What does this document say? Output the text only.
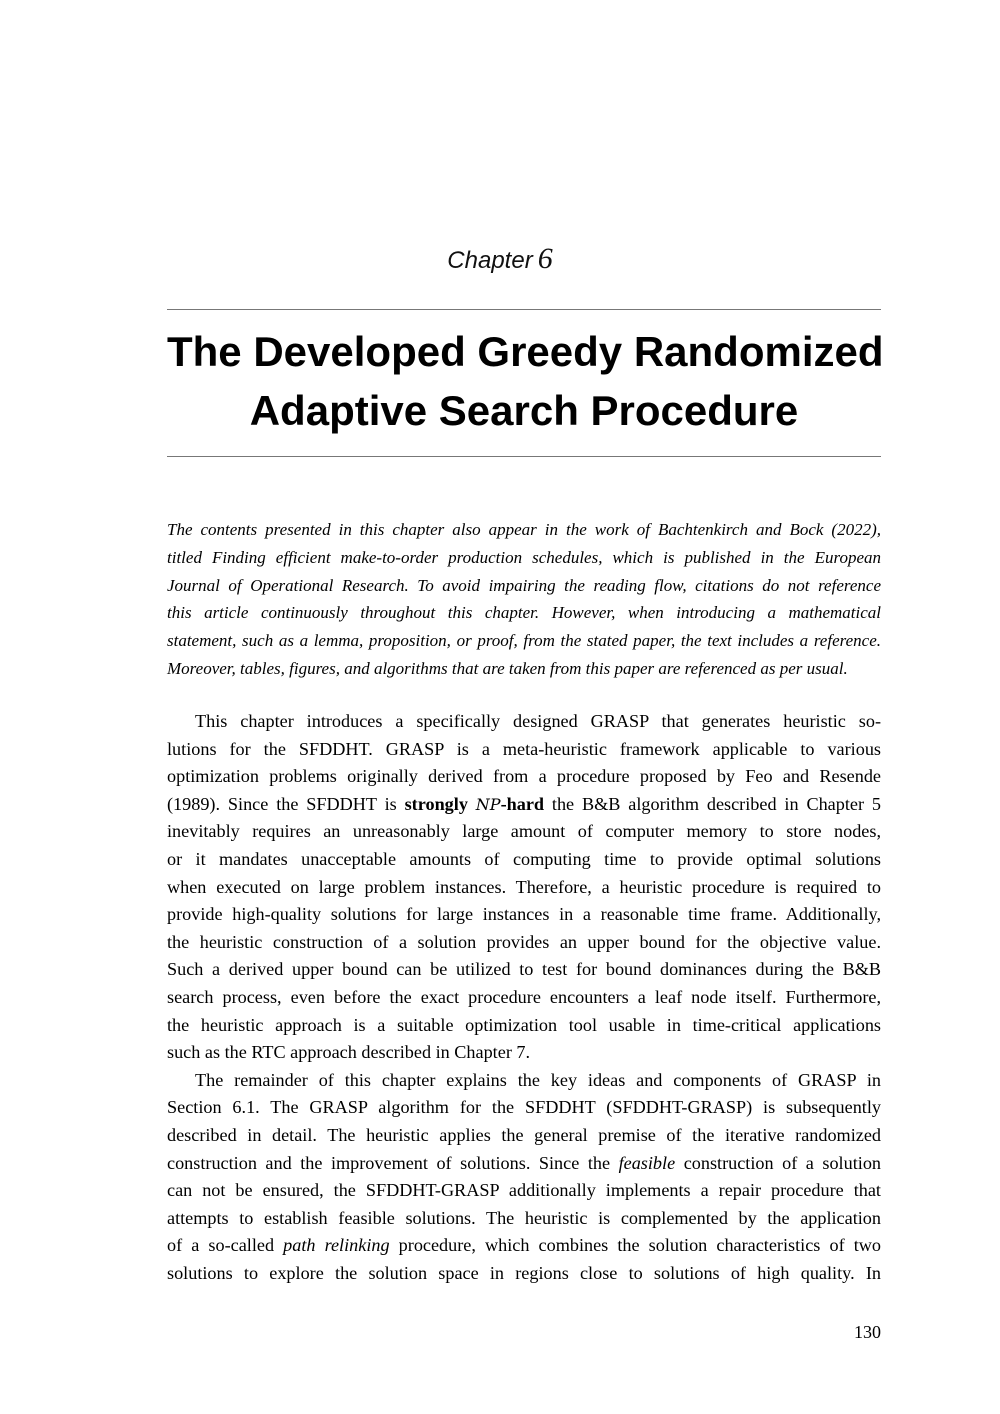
Chapter 6
The Developed Greedy Randomized
Adaptive Search Procedure
The contents presented in this chapter also appear in the work of Bachtenkirch and Bock (2022),
titled Finding efficient make-to-order production schedules, which is published in the European
Journal of Operational Research. To avoid impairing the reading flow, citations do not reference
this article continuously throughout this chapter. However, when introducing a mathematical
statement, such as a lemma, proposition, or proof, from the stated paper, the text includes a reference.
Moreover, tables, figures, and algorithms that are taken from this paper are referenced as per usual.
This chapter introduces a specifically designed GRASP that generates heuristic so-
lutions for the SFDDHT. GRASP is a meta-heuristic framework applicable to various
optimization problems originally derived from a procedure proposed by Feo and Resende
(1989). Since the SFDDHT is strongly NP-hard the B&B algorithm described in Chapter 5
inevitably requires an unreasonably large amount of computer memory to store nodes,
or it mandates unacceptable amounts of computing time to provide optimal solutions
when executed on large problem instances. Therefore, a heuristic procedure is required to
provide high-quality solutions for large instances in a reasonable time frame. Additionally,
the heuristic construction of a solution provides an upper bound for the objective value.
Such a derived upper bound can be utilized to test for bound dominances during the B&B
search process, even before the exact procedure encounters a leaf node itself. Furthermore,
the heuristic approach is a suitable optimization tool usable in time-critical applications
such as the RTC approach described in Chapter 7.
The remainder of this chapter explains the key ideas and components of GRASP in
Section 6.1. The GRASP algorithm for the SFDDHT (SFDDHT-GRASP) is subsequently
described in detail. The heuristic applies the general premise of the iterative randomized
construction and the improvement of solutions. Since the feasible construction of a solution
can not be ensured, the SFDDHT-GRASP additionally implements a repair procedure that
attempts to establish feasible solutions. The heuristic is complemented by the application
of a so-called path relinking procedure, which combines the solution characteristics of two
solutions to explore the solution space in regions close to solutions of high quality. In
130
